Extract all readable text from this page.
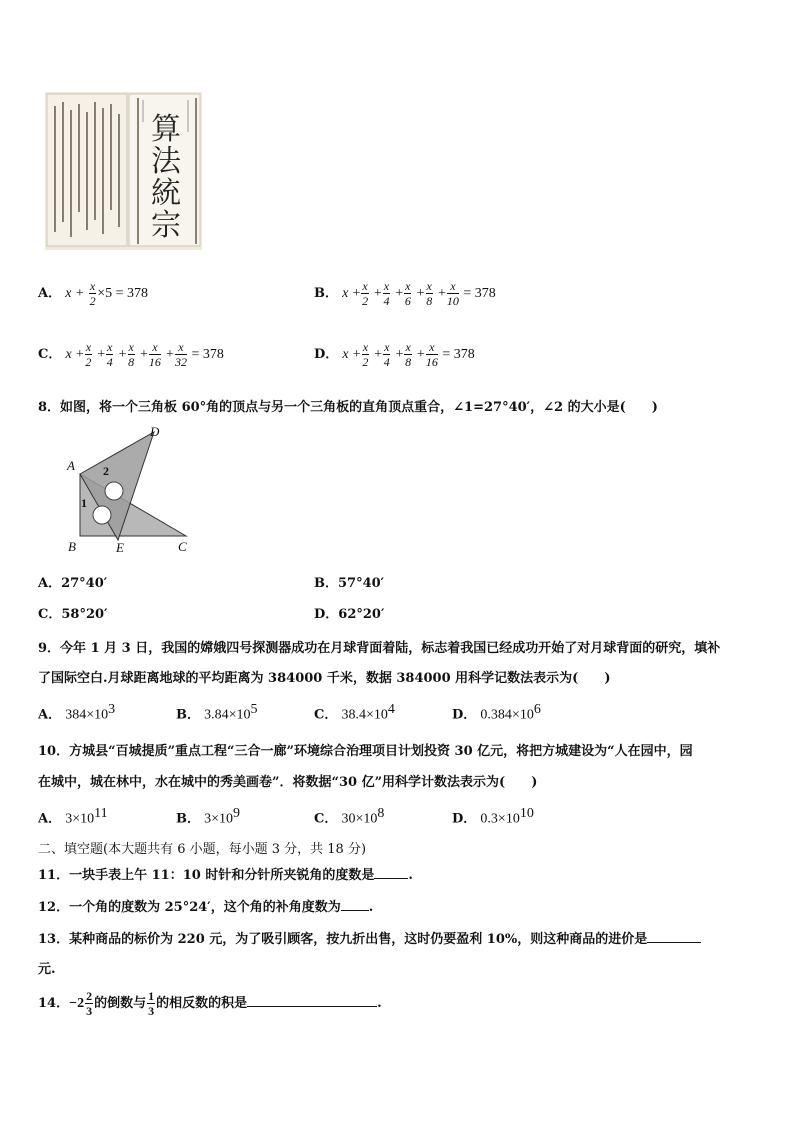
算
法
統
宗
A． $x + \frac{x}{2} \times 5 = 378$	B． $x + \frac{x}{2} + \frac{x}{4} + \frac{x}{6} + \frac{x}{8} + \frac{x}{10} = 378$
C． $x + \frac{x}{2} + \frac{x}{4} + \frac{x}{8} + \frac{x}{16} + \frac{x}{32} = 378$	D． $x + \frac{x}{2} + \frac{x}{4} + \frac{x}{8} + \frac{x}{16} = 378$
8．如图，将一个三角板 60°角的顶点与另一个三角板的直角顶点重合，∠1=27°40′，∠2 的大小是(　　)
D
A 2
1
B	E	C
A．27°40′	B．57°40′
C．58°20′	D．62°20′
9．今年 1 月 3 日，我国的嫦娥四号探测器成功在月球背面着陆，标志着我国已经成功开始了对月球背面的研究，填补
了国际空白.月球距离地球的平均距离为 384000 千米，数据 384000 用科学记数法表示为(　　)
A． $384\times 10^3$	B． $3.84\times 10^5$	C． $38.4\times 10^4$	D． $0.384\times 10^6$
10．方城县“百城提质”重点工程“三合一廊”环境综合治理项目计划投资 30 亿元，将把方城建设为“人在园中，园
在城中，城在林中，水在城中的秀美画卷”．将数据“30 亿”用科学计数法表示为(　　)
A． $3\times 10^{11}$	B． $3\times 10^9$	C． $30\times 10^8$	D． $0.3\times 10^{10}$
二、填空题(本大题共有 6 小题，每小题 3 分，共 18 分)
11．一块手表上午 11：10 时针和分针所夹锐角的度数是	.
12．一个角的度数为 25°24′，这个角的补角度数为 .
13．某种商品的标价为 220 元，为了吸引顾客，按九折出售，这时仍要盈利 10%，则这种商品的进价是
元.
14．$-2 \frac{2}{3}$ 的倒数与 $\frac{1}{3}$ 的相反数的积是	.
